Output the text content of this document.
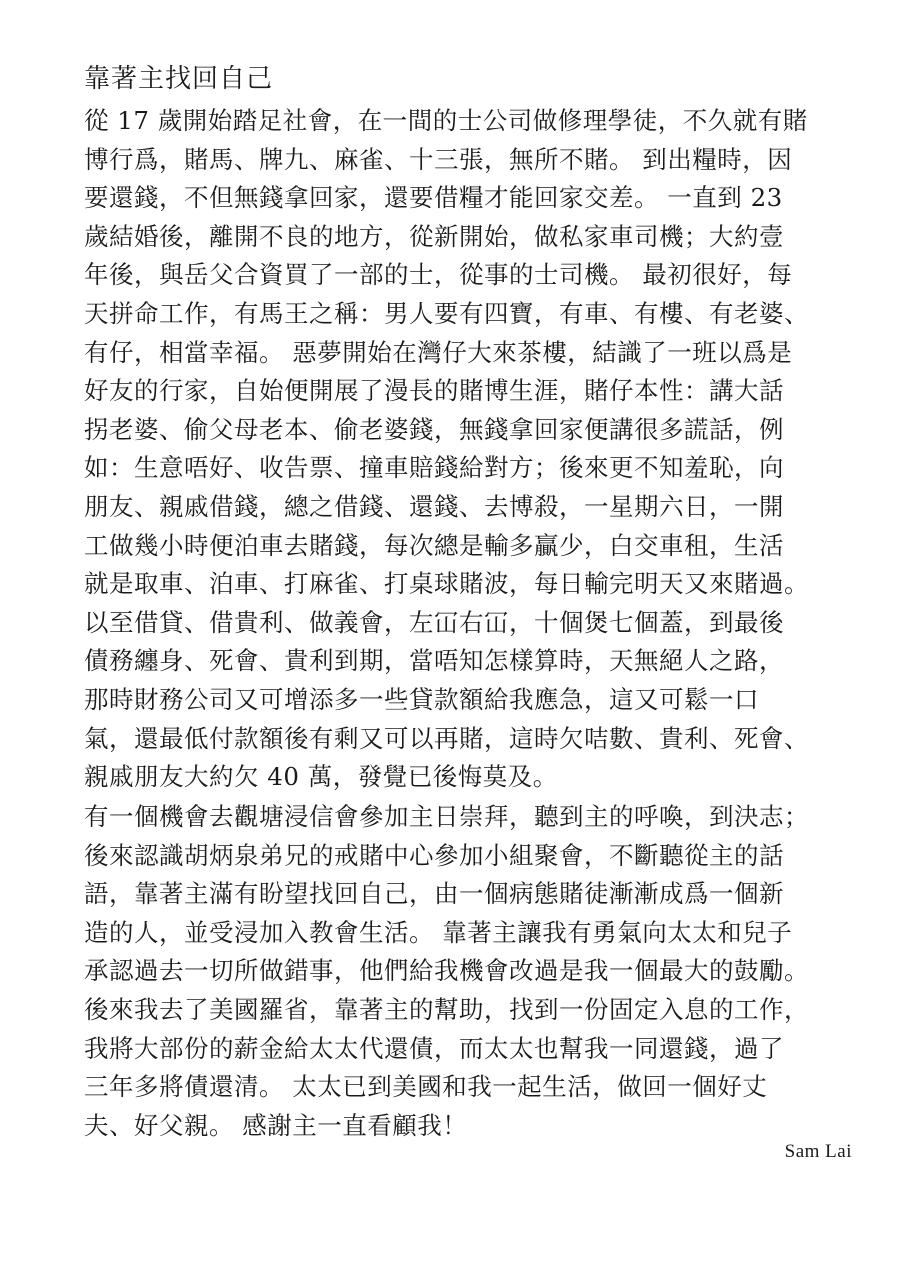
靠著主找回自己
從 17 歲開始踏足社會，在一間的士公司做修理學徒，不久就有賭
博行爲，賭馬、牌九、麻雀、十三張，無所不賭。 到出糧時，因
要還錢，不但無錢拿回家，還要借糧才能回家交差。 一直到 23
歲結婚後，離開不良的地方，從新開始，做私家車司機；大約壹
年後，與岳父合資買了一部的士，從事的士司機。 最初很好，每
天拼命工作，有馬王之稱：男人要有四寶，有車、有樓、有老婆、
有仔，相當幸福。 惡夢開始在灣仔大來茶樓，結識了一班以爲是
好友的行家，自始便開展了漫長的賭博生涯，賭仔本性：講大話
拐老婆、偷父母老本、偷老婆錢，無錢拿回家便講很多謊話，例
如：生意唔好、收告票、撞車賠錢給對方；後來更不知羞恥，向
朋友、親戚借錢，總之借錢、還錢、去博殺，一星期六日，一開
工做幾小時便泊車去賭錢，每次總是輸多贏少，白交車租，生活
就是取車、泊車、打麻雀、打桌球賭波，每日輸完明天又來賭過。
以至借貸、借貴利、做義會，左冚右冚，十個煲七個蓋，到最後
債務纏身、死會、貴利到期，當唔知怎樣算時，天無絕人之路，
那時財務公司又可增添多一些貸款額給我應急，這又可鬆一口
氣，還最低付款額後有剩又可以再賭，這時欠咭數、貴利、死會、
親戚朋友大約欠 40 萬，發覺已後悔莫及。
有一個機會去觀塘浸信會參加主日崇拜，聽到主的呼喚，到決志；
後來認識胡炳泉弟兄的戒賭中心參加小組聚會，不斷聽從主的話
語，靠著主滿有盼望找回自己，由一個病態賭徒漸漸成爲一個新
造的人，並受浸加入教會生活。 靠著主讓我有勇氣向太太和兒子
承認過去一切所做錯事，他們給我機會改過是我一個最大的鼓勵。
後來我去了美國羅省，靠著主的幫助，找到一份固定入息的工作，
我將大部份的薪金給太太代還債，而太太也幫我一同還錢，過了
三年多將債還清。 太太已到美國和我一起生活，做回一個好丈
夫、好父親。 感謝主一直看顧我！
Sam Lai
